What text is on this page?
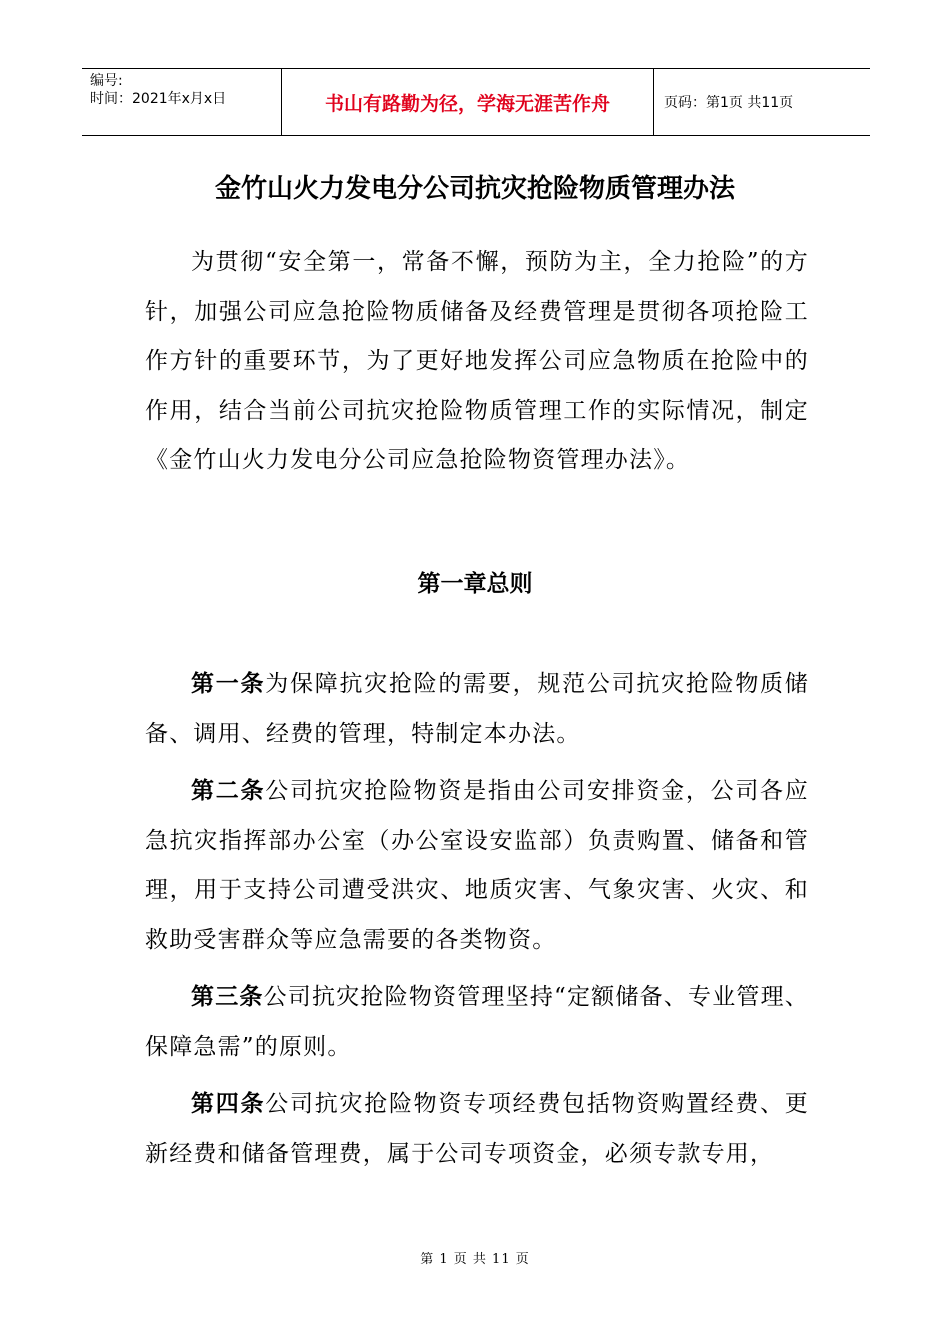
编号:
时间：2021年x月x日	书山有路勤为径，学海无涯苦作舟	页码：第1页 共11页
金竹山火力发电分公司抗灾抢险物质管理办法
为贯彻“安全第一，常备不懈，预防为主，全力抢险”的方针，加强公司应急抢险物质储备及经费管理是贯彻各项抢险工作方针的重要环节，为了更好地发挥公司应急物质在抢险中的作用，结合当前公司抗灾抢险物质管理工作的实际情况，制定《金竹山火力发电分公司应急抢险物资管理办法》。
第一章总则

第一条为保障抗灾抢险的需要，规范公司抗灾抢险物质储备、调用、经费的管理，特制定本办法。

第二条公司抗灾抢险物资是指由公司安排资金，公司各应急抗灾指挥部办公室（办公室设安监部）负责购置、储备和管理，用于支持公司遭受洪灾、地质灾害、气象灾害、火灾、和救助受害群众等应急需要的各类物资。

第三条公司抗灾抢险物资管理坚持“定额储备、专业管理、保障急需”的原则。

第四条公司抗灾抢险物资专项经费包括物资购置经费、更新经费和储备管理费，属于公司专项资金，必须专款专用，

第 1 页 共 11 页
